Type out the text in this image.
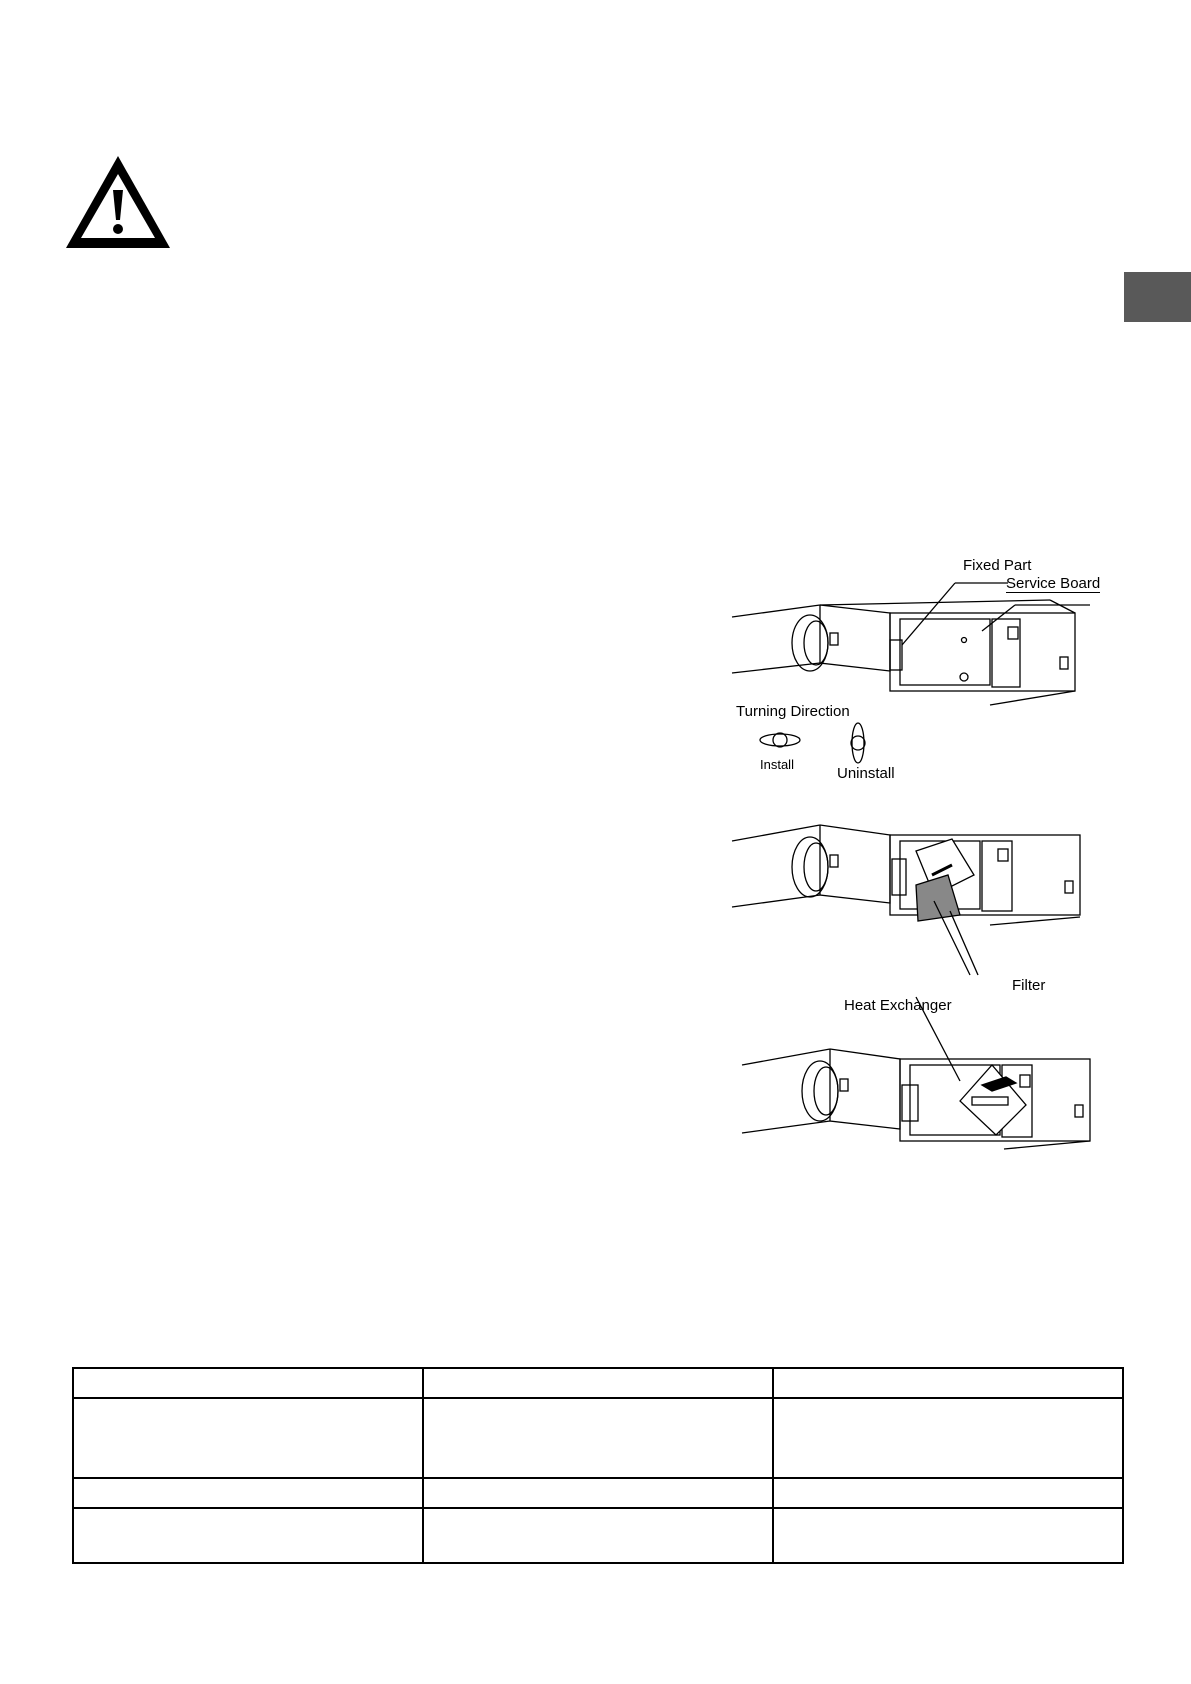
Fixed Part
Service Board
Turning Direction
Install
Uninstall
Filter
Heat Exchanger
